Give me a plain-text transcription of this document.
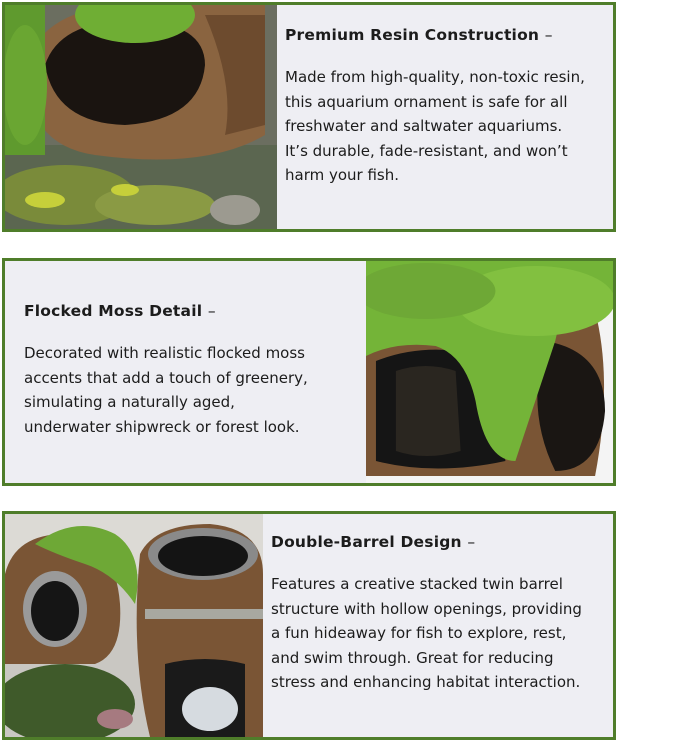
Premium Resin Construction –

Made from high-quality, non-toxic resin,
this aquarium ornament is safe for all
freshwater and saltwater aquariums.
It’s durable, fade-resistant, and won’t
harm your fish.

Flocked Moss Detail –

Decorated with realistic flocked moss
accents that add a touch of greenery,
simulating a naturally aged,
underwater shipwreck or forest look.

Double-Barrel Design –

Features a creative stacked twin barrel
structure with hollow openings, providing
a fun hideaway for fish to explore, rest,
and swim through. Great for reducing
stress and enhancing habitat interaction.
